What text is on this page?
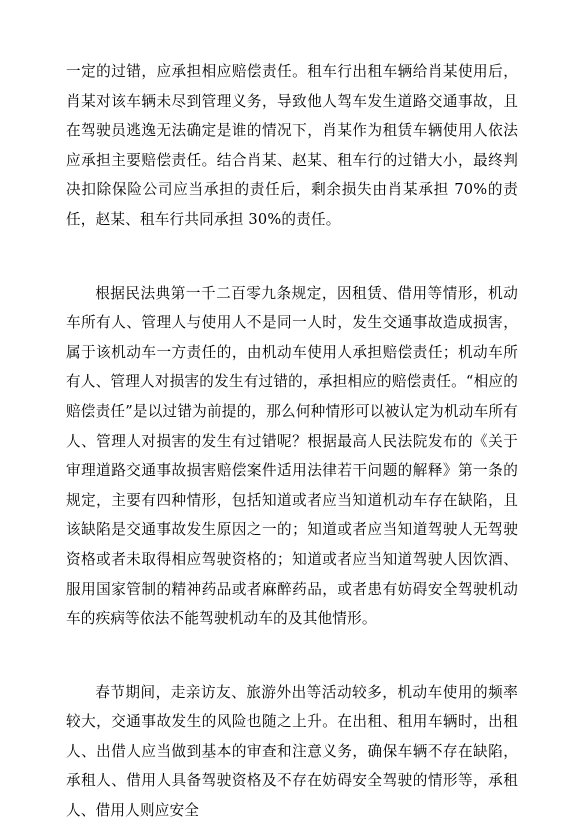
一定的过错，应承担相应赔偿责任。租车行出租车辆给肖某使用后，肖某对该车辆未尽到管理义务，导致他人驾车发生道路交通事故，且在驾驶员逃逸无法确定是谁的情况下，肖某作为租赁车辆使用人依法应承担主要赔偿责任。结合肖某、赵某、租车行的过错大小，最终判决扣除保险公司应当承担的责任后，剩余损失由肖某承担 70%的责任，赵某、租车行共同承担 30%的责任。

根据民法典第一千二百零九条规定，因租赁、借用等情形，机动车所有人、管理人与使用人不是同一人时，发生交通事故造成损害，属于该机动车一方责任的，由机动车使用人承担赔偿责任；机动车所有人、管理人对损害的发生有过错的，承担相应的赔偿责任。“相应的赔偿责任”是以过错为前提的，那么何种情形可以被认定为机动车所有人、管理人对损害的发生有过错呢？根据最高人民法院发布的《关于审理道路交通事故损害赔偿案件适用法律若干问题的解释》第一条的规定，主要有四种情形，包括知道或者应当知道机动车存在缺陷，且该缺陷是交通事故发生原因之一的；知道或者应当知道驾驶人无驾驶资格或者未取得相应驾驶资格的；知道或者应当知道驾驶人因饮酒、服用国家管制的精神药品或者麻醉药品，或者患有妨碍安全驾驶机动车的疾病等依法不能驾驶机动车的及其他情形。

春节期间，走亲访友、旅游外出等活动较多，机动车使用的频率较大，交通事故发生的风险也随之上升。在出租、租用车辆时，出租人、出借人应当做到基本的审查和注意义务，确保车辆不存在缺陷，承租人、借用人具备驾驶资格及不存在妨碍安全驾驶的情形等，承租人、借用人则应安全
